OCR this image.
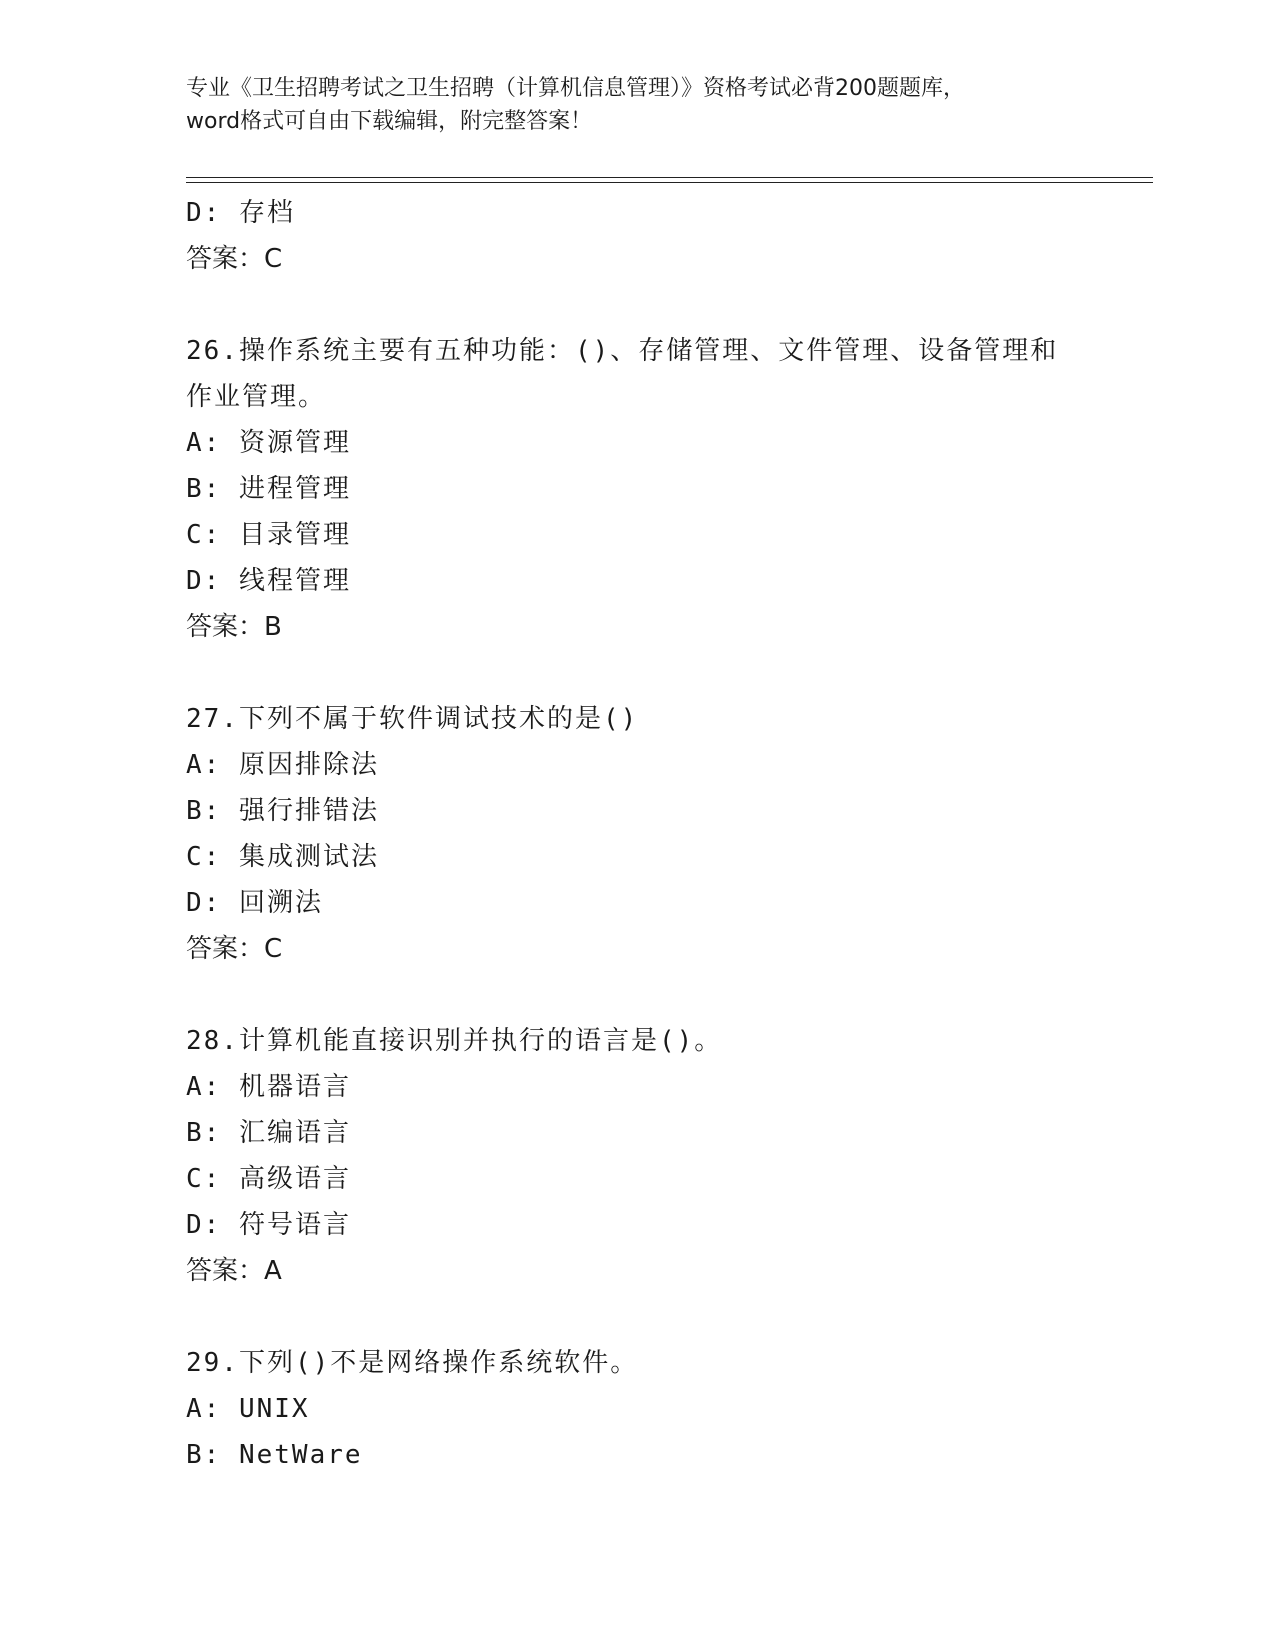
专业《卫生招聘考试之卫生招聘（计算机信息管理）》资格考试必背200题题库，
word格式可自由下载编辑，附完整答案！
D: 存档
答案：C
26.操作系统主要有五种功能：()、存储管理、文件管理、设备管理和
作业管理。
A: 资源管理
B: 进程管理
C: 目录管理
D: 线程管理
答案：B
27.下列不属于软件调试技术的是()
A: 原因排除法
B: 强行排错法
C: 集成测试法
D: 回溯法
答案：C
28.计算机能直接识别并执行的语言是()。
A: 机器语言
B: 汇编语言
C: 高级语言
D: 符号语言
答案：A
29.下列()不是网络操作系统软件。
A: UNIX
B: NetWare
